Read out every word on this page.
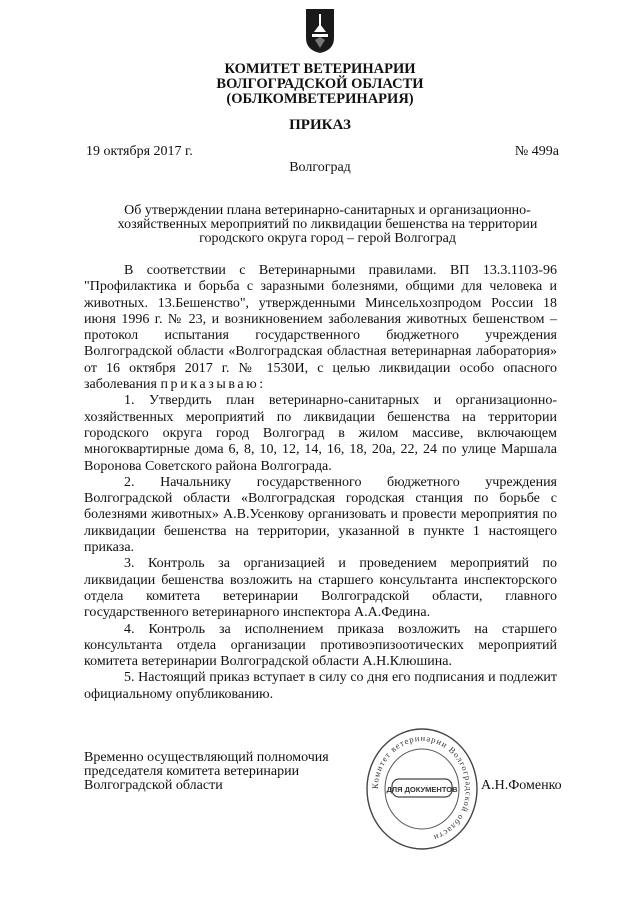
КОМИТЕТ ВЕТЕРИНАРИИ
ВОЛГОГРАДСКОЙ ОБЛАСТИ
(ОБЛКОМВЕТЕРИНАРИЯ)
ПРИКАЗ
19 октября 2017 г.	№ 499а
Волгоград
Об утверждении плана ветеринарно-санитарных и организационно-хозяйственных мероприятий по ликвидации бешенства на территории городского округа город – герой Волгоград

В соответствии с Ветеринарными правилами. ВП 13.3.1103-96 "Профилактика и борьба с заразными болезнями, общими для человека и животных. 13.Бешенство", утвержденными Минсельхозпродом России 18 июня 1996 г. № 23, и возникновением заболевания животных бешенством – протокол испытания государственного бюджетного учреждения Волгоградской области «Волгоградская областная ветеринарная лаборатория» от 16 октября 2017 г. № 1530И, с целью ликвидации особо опасного заболевания приказываю:

1. Утвердить план ветеринарно-санитарных и организационно-хозяйственных мероприятий по ликвидации бешенства на территории городского округа город Волгоград в жилом массиве, включающем многоквартирные дома 6, 8, 10, 12, 14, 16, 18, 20а, 22, 24 по улице Маршала Воронова Советского района Волгограда.

2. Начальнику государственного бюджетного учреждения Волгоградской области «Волгоградская городская станция по борьбе с болезнями животных» А.В.Усенкову организовать и провести мероприятия по ликвидации бешенства на территории, указанной в пункте 1 настоящего приказа.

3. Контроль за организацией и проведением мероприятий по ликвидации бешенства возложить на старшего консультанта инспекторского отдела комитета ветеринарии Волгоградской области, главного государственного ветеринарного инспектора А.А.Федина.

4. Контроль за исполнением приказа возложить на старшего консультанта отдела организации противоэпизоотических мероприятий комитета ветеринарии Волгоградской области А.Н.Клюшина.

5. Настоящий приказ вступает в силу со дня его подписания и подлежит официальному опубликованию.

Временно осуществляющий полномочия
председателя комитета ветеринарии
Волгоградской области	А.Н.Фоменко
Комитет ветеринарии Волгоградской области
ДЛЯ ДОКУМЕНТОВ
